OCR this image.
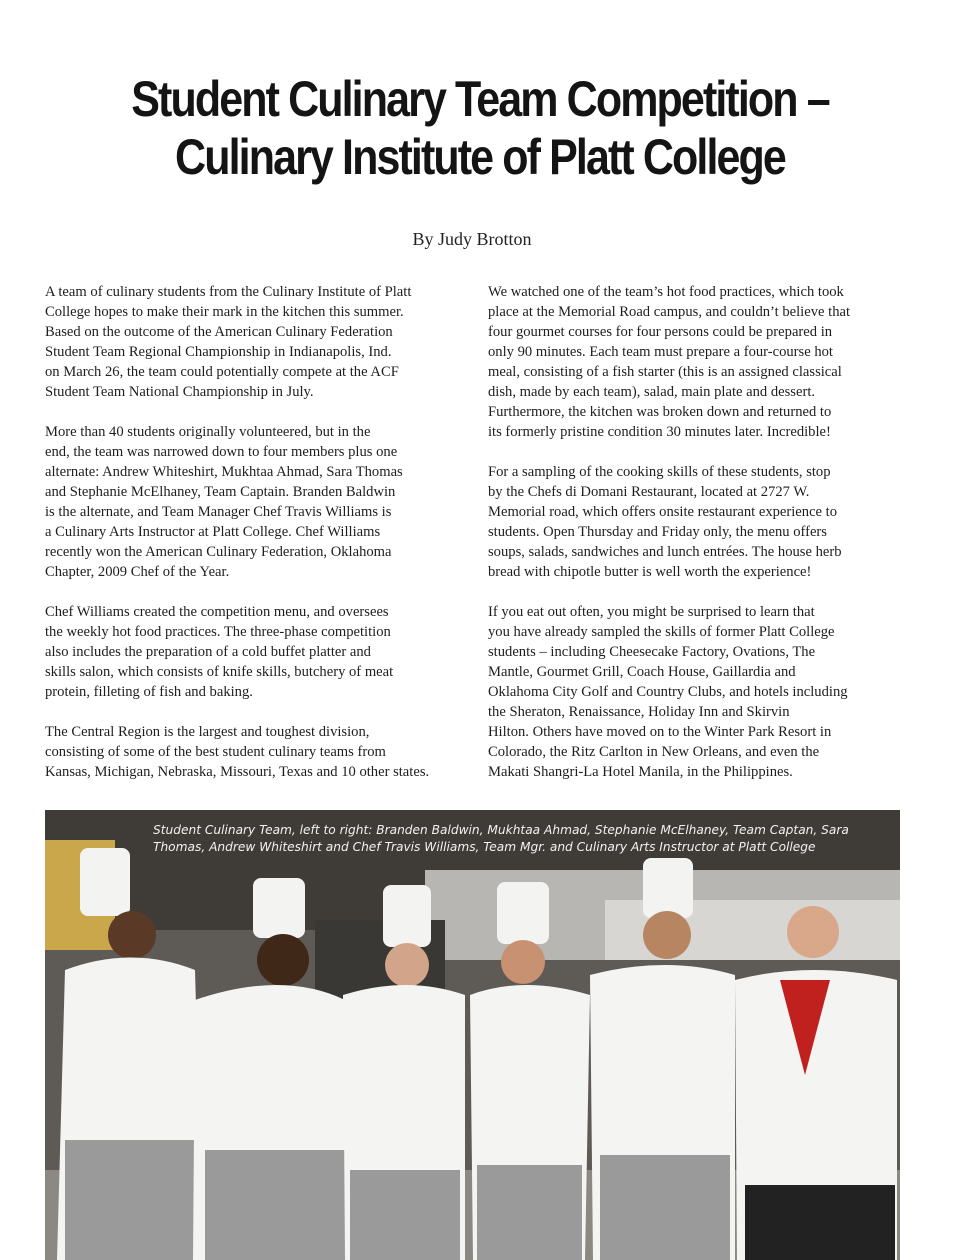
Student Culinary Team Competition –
Culinary Institute of Platt College
By Judy Brotton

A team of culinary students from the Culinary Institute of Platt
College hopes to make their mark in the kitchen this summer.
Based on the outcome of the American Culinary Federation
Student Team Regional Championship in Indianapolis, Ind.
on March 26, the team could potentially compete at the ACF
Student Team National Championship in July.

More than 40 students originally volunteered, but in the
end, the team was narrowed down to four members plus one
alternate: Andrew Whiteshirt, Mukhtaa Ahmad, Sara Thomas
and Stephanie McElhaney, Team Captain. Branden Baldwin
is the alternate, and Team Manager Chef Travis Williams is
a Culinary Arts Instructor at Platt College. Chef Williams
recently won the American Culinary Federation, Oklahoma
Chapter, 2009 Chef of the Year.

Chef Williams created the competition menu, and oversees
the weekly hot food practices. The three-phase competition
also includes the preparation of a cold buffet platter and
skills salon, which consists of knife skills, butchery of meat
protein, filleting of fish and baking.

The Central Region is the largest and toughest division,
consisting of some of the best student culinary teams from
Kansas, Michigan, Nebraska, Missouri, Texas and 10 other states.

We watched one of the team’s hot food practices, which took
place at the Memorial Road campus, and couldn’t believe that
four gourmet courses for four persons could be prepared in
only 90 minutes. Each team must prepare a four-course hot
meal, consisting of a fish starter (this is an assigned classical
dish, made by each team), salad, main plate and dessert.
Furthermore, the kitchen was broken down and returned to
its formerly pristine condition 30 minutes later. Incredible!

For a sampling of the cooking skills of these students, stop
by the Chefs di Domani Restaurant, located at 2727 W.
Memorial road, which offers onsite restaurant experience to
students. Open Thursday and Friday only, the menu offers
soups, salads, sandwiches and lunch entrées. The house herb
bread with chipotle butter is well worth the experience!

If you eat out often, you might be surprised to learn that
you have already sampled the skills of former Platt College
students – including Cheesecake Factory, Ovations, The
Mantle, Gourmet Grill, Coach House, Gaillardia and
Oklahoma City Golf and Country Clubs, and hotels including
the Sheraton, Renaissance, Holiday Inn and Skirvin
Hilton. Others have moved on to the Winter Park Resort in
Colorado, the Ritz Carlton in New Orleans, and even the
Makati Shangri-La Hotel Manila, in the Philippines.

Student Culinary Team, left to right: Branden Baldwin, Mukhtaa Ahmad, Stephanie McElhaney, Team Captan, Sara
Thomas, Andrew Whiteshirt and Chef Travis Williams, Team Mgr. and Culinary Arts Instructor at Platt College
